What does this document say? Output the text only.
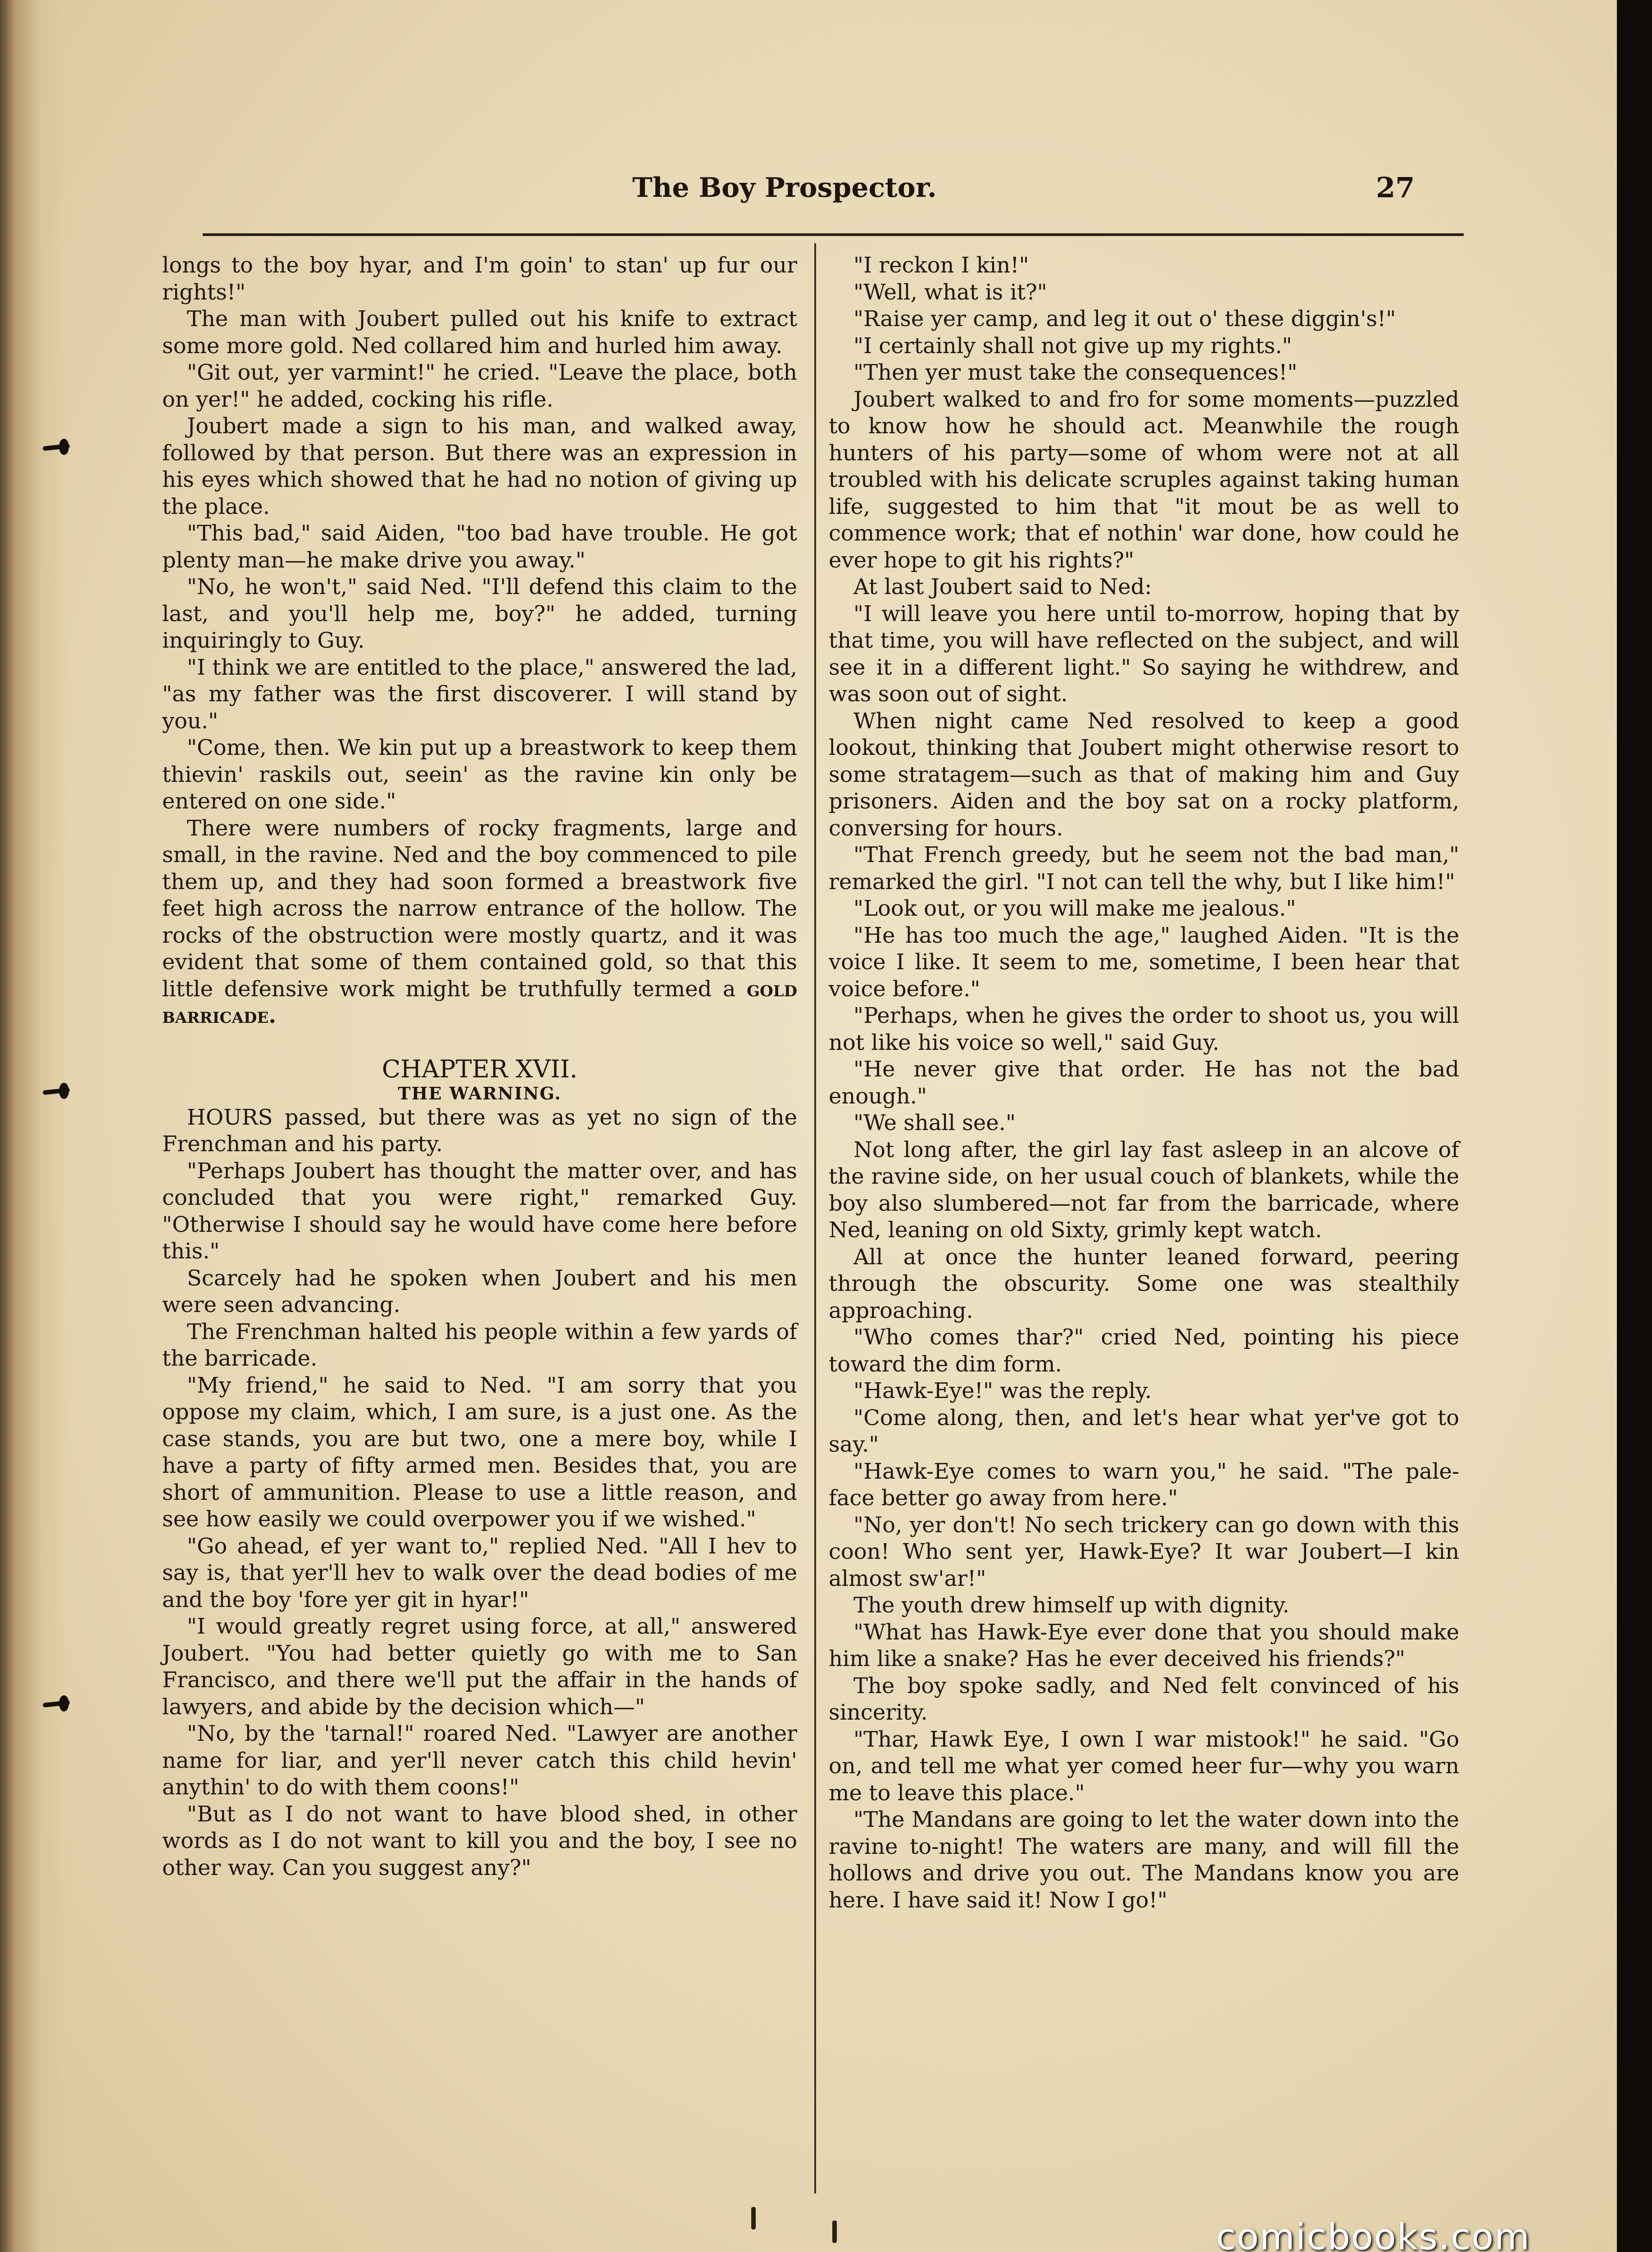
The Boy Prospector.	27

longs to the boy hyar, and I'm goin' to stan' up fur our rights!"

The man with Joubert pulled out his knife to extract some more gold. Ned collared him and hurled him away.

"Git out, yer varmint!" he cried. "Leave the place, both on yer!" he added, cocking his rifle.

Joubert made a sign to his man, and walked away, followed by that person. But there was an expression in his eyes which showed that he had no notion of giving up the place.

"This bad," said Aiden, "too bad have trouble. He got plenty man—he make drive you away."

"No, he won't," said Ned. "I'll defend this claim to the last, and you'll help me, boy?" he added, turning inquiringly to Guy.

"I think we are entitled to the place," answered the lad, "as my father was the first discoverer. I will stand by you."

"Come, then. We kin put up a breastwork to keep them thievin' raskils out, seein' as the ravine kin only be entered on one side."

There were numbers of rocky fragments, large and small, in the ravine. Ned and the boy commenced to pile them up, and they had soon formed a breastwork five feet high across the narrow entrance of the hollow. The rocks of the obstruction were mostly quartz, and it was evident that some of them contained gold, so that this little defensive work might be truthfully termed a gold barricade.

CHAPTER XVII.
THE WARNING.

HOURS passed, but there was as yet no sign of the Frenchman and his party.

"Perhaps Joubert has thought the matter over, and has concluded that you were right," remarked Guy. "Otherwise I should say he would have come here before this."

Scarcely had he spoken when Joubert and his men were seen advancing.

The Frenchman halted his people within a few yards of the barricade.

"My friend," he said to Ned. "I am sorry that you oppose my claim, which, I am sure, is a just one. As the case stands, you are but two, one a mere boy, while I have a party of fifty armed men. Besides that, you are short of ammunition. Please to use a little reason, and see how easily we could overpower you if we wished."

"Go ahead, ef yer want to," replied Ned. "All I hev to say is, that yer'll hev to walk over the dead bodies of me and the boy 'fore yer git in hyar!"

"I would greatly regret using force, at all," answered Joubert. "You had better quietly go with me to San Francisco, and there we'll put the affair in the hands of lawyers, and abide by the decision which—"

"No, by the 'tarnal!" roared Ned. "Lawyer are another name for liar, and yer'll never catch this child hevin' anythin' to do with them coons!"

"But as I do not want to have blood shed, in other words as I do not want to kill you and the boy, I see no other way. Can you suggest any?"

"I reckon I kin!"

"Well, what is it?"

"Raise yer camp, and leg it out o' these diggin's!"

"I certainly shall not give up my rights."

"Then yer must take the consequences!"

Joubert walked to and fro for some moments—puzzled to know how he should act. Meanwhile the rough hunters of his party—some of whom were not at all troubled with his delicate scruples against taking human life, suggested to him that "it mout be as well to commence work; that ef nothin' war done, how could he ever hope to git his rights?"

At last Joubert said to Ned:

"I will leave you here until to-morrow, hoping that by that time, you will have reflected on the subject, and will see it in a different light." So saying he withdrew, and was soon out of sight.

When night came Ned resolved to keep a good lookout, thinking that Joubert might otherwise resort to some stratagem—such as that of making him and Guy prisoners. Aiden and the boy sat on a rocky platform, conversing for hours.

"That French greedy, but he seem not the bad man," remarked the girl. "I not can tell the why, but I like him!"

"Look out, or you will make me jealous."

"He has too much the age," laughed Aiden. "It is the voice I like. It seem to me, sometime, I been hear that voice before."

"Perhaps, when he gives the order to shoot us, you will not like his voice so well," said Guy.

"He never give that order. He has not the bad enough."

"We shall see."

Not long after, the girl lay fast asleep in an alcove of the ravine side, on her usual couch of blankets, while the boy also slumbered—not far from the barricade, where Ned, leaning on old Sixty, grimly kept watch.

All at once the hunter leaned forward, peering through the obscurity. Some one was stealthily approaching.

"Who comes thar?" cried Ned, pointing his piece toward the dim form.

"Hawk-Eye!" was the reply.

"Come along, then, and let's hear what yer've got to say."

"Hawk-Eye comes to warn you," he said. "The pale-face better go away from here."

"No, yer don't! No sech trickery can go down with this coon! Who sent yer, Hawk-Eye? It war Joubert—I kin almost sw'ar!"

The youth drew himself up with dignity.

"What has Hawk-Eye ever done that you should make him like a snake? Has he ever deceived his friends?"

The boy spoke sadly, and Ned felt convinced of his sincerity.

"Thar, Hawk Eye, I own I war mistook!" he said. "Go on, and tell me what yer comed heer fur—why you warn me to leave this place."

"The Mandans are going to let the water down into the ravine to-night! The waters are many, and will fill the hollows and drive you out. The Mandans know you are here. I have said it! Now I go!"

comicbooks.com
